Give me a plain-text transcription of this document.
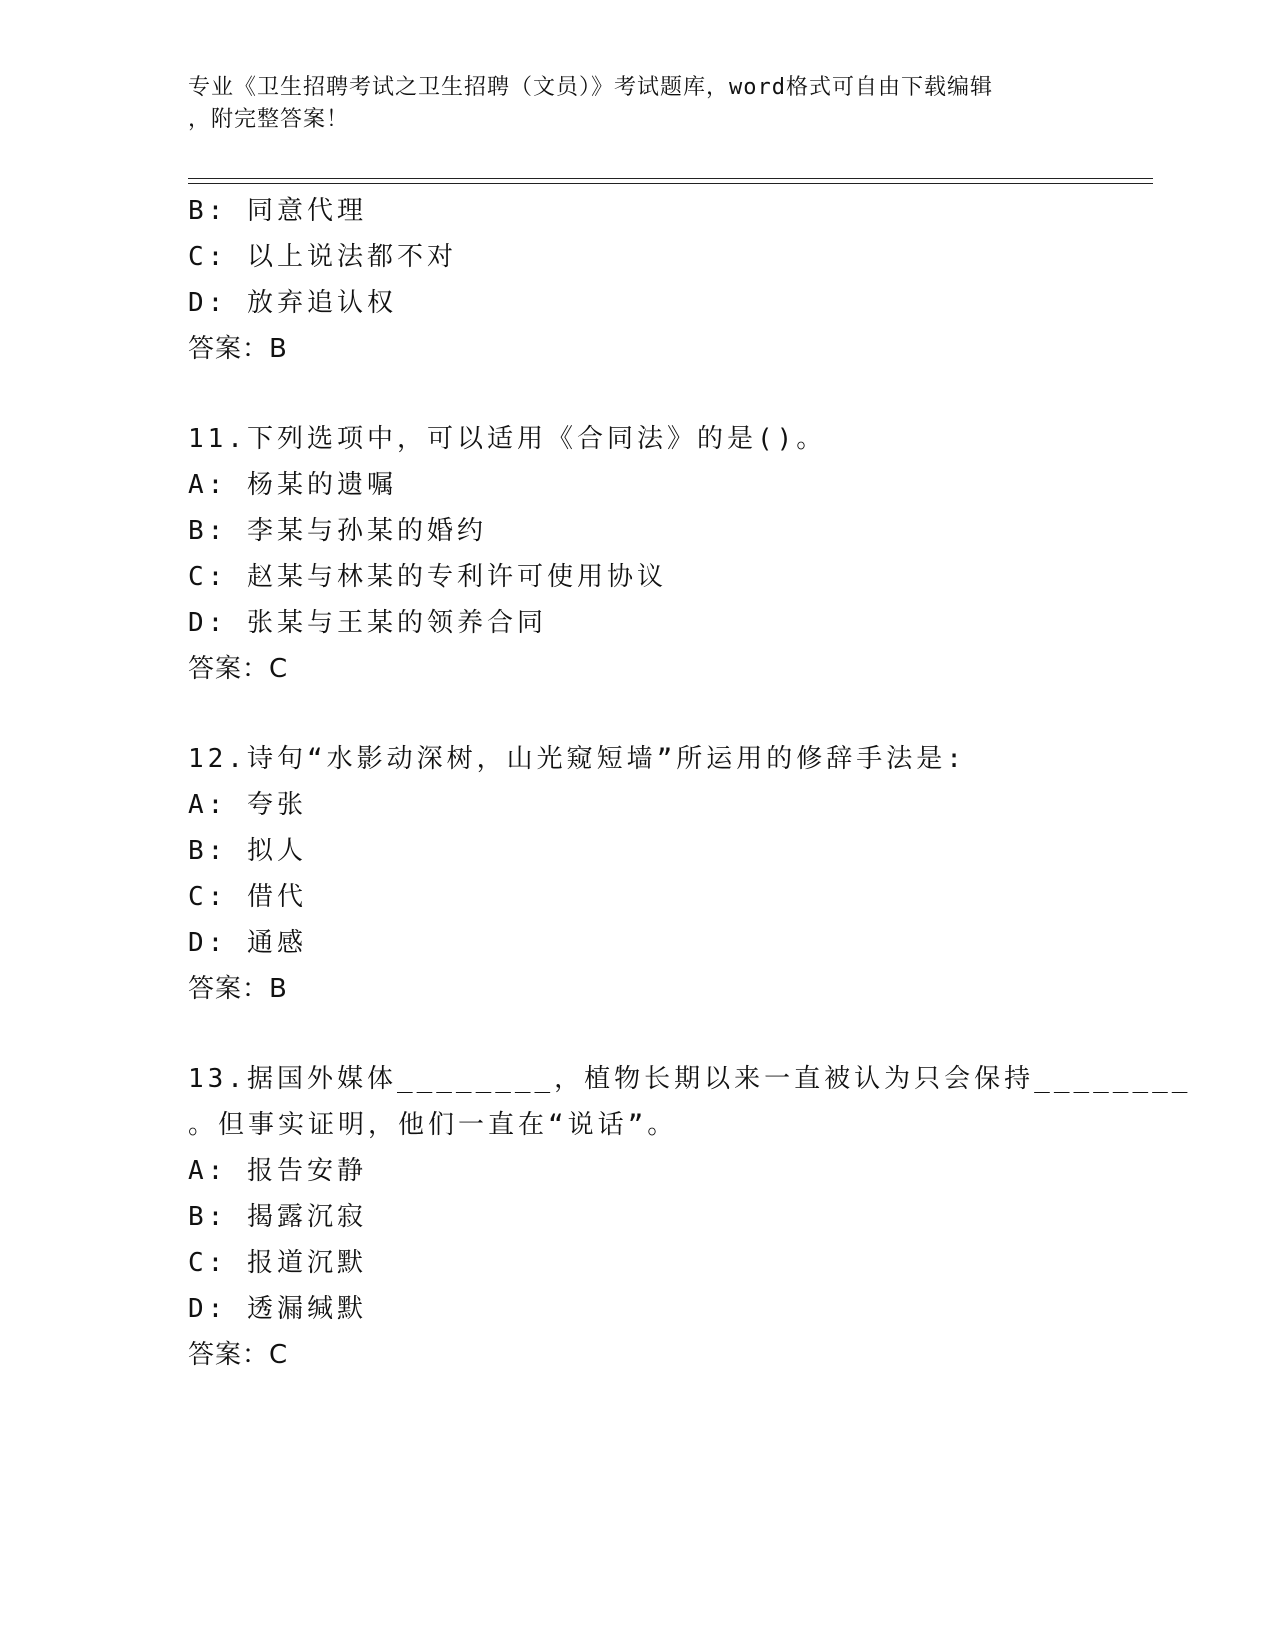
专业《卫生招聘考试之卫生招聘（文员）》考试题库，word格式可自由下载编辑
，附完整答案！
B: 同意代理
C: 以上说法都不对
D: 放弃追认权
答案：B
11.下列选项中，可以适用《合同法》的是()。
A: 杨某的遗嘱
B: 李某与孙某的婚约
C: 赵某与林某的专利许可使用协议
D: 张某与王某的领养合同
答案：C
12.诗句“水影动深树，山光窥短墙”所运用的修辞手法是:
A: 夸张
B: 拟人
C: 借代
D: 通感
答案：B
13.据国外媒体________，植物长期以来一直被认为只会保持________
。但事实证明，他们一直在“说话”。
A: 报告安静
B: 揭露沉寂
C: 报道沉默
D: 透漏缄默
答案：C
